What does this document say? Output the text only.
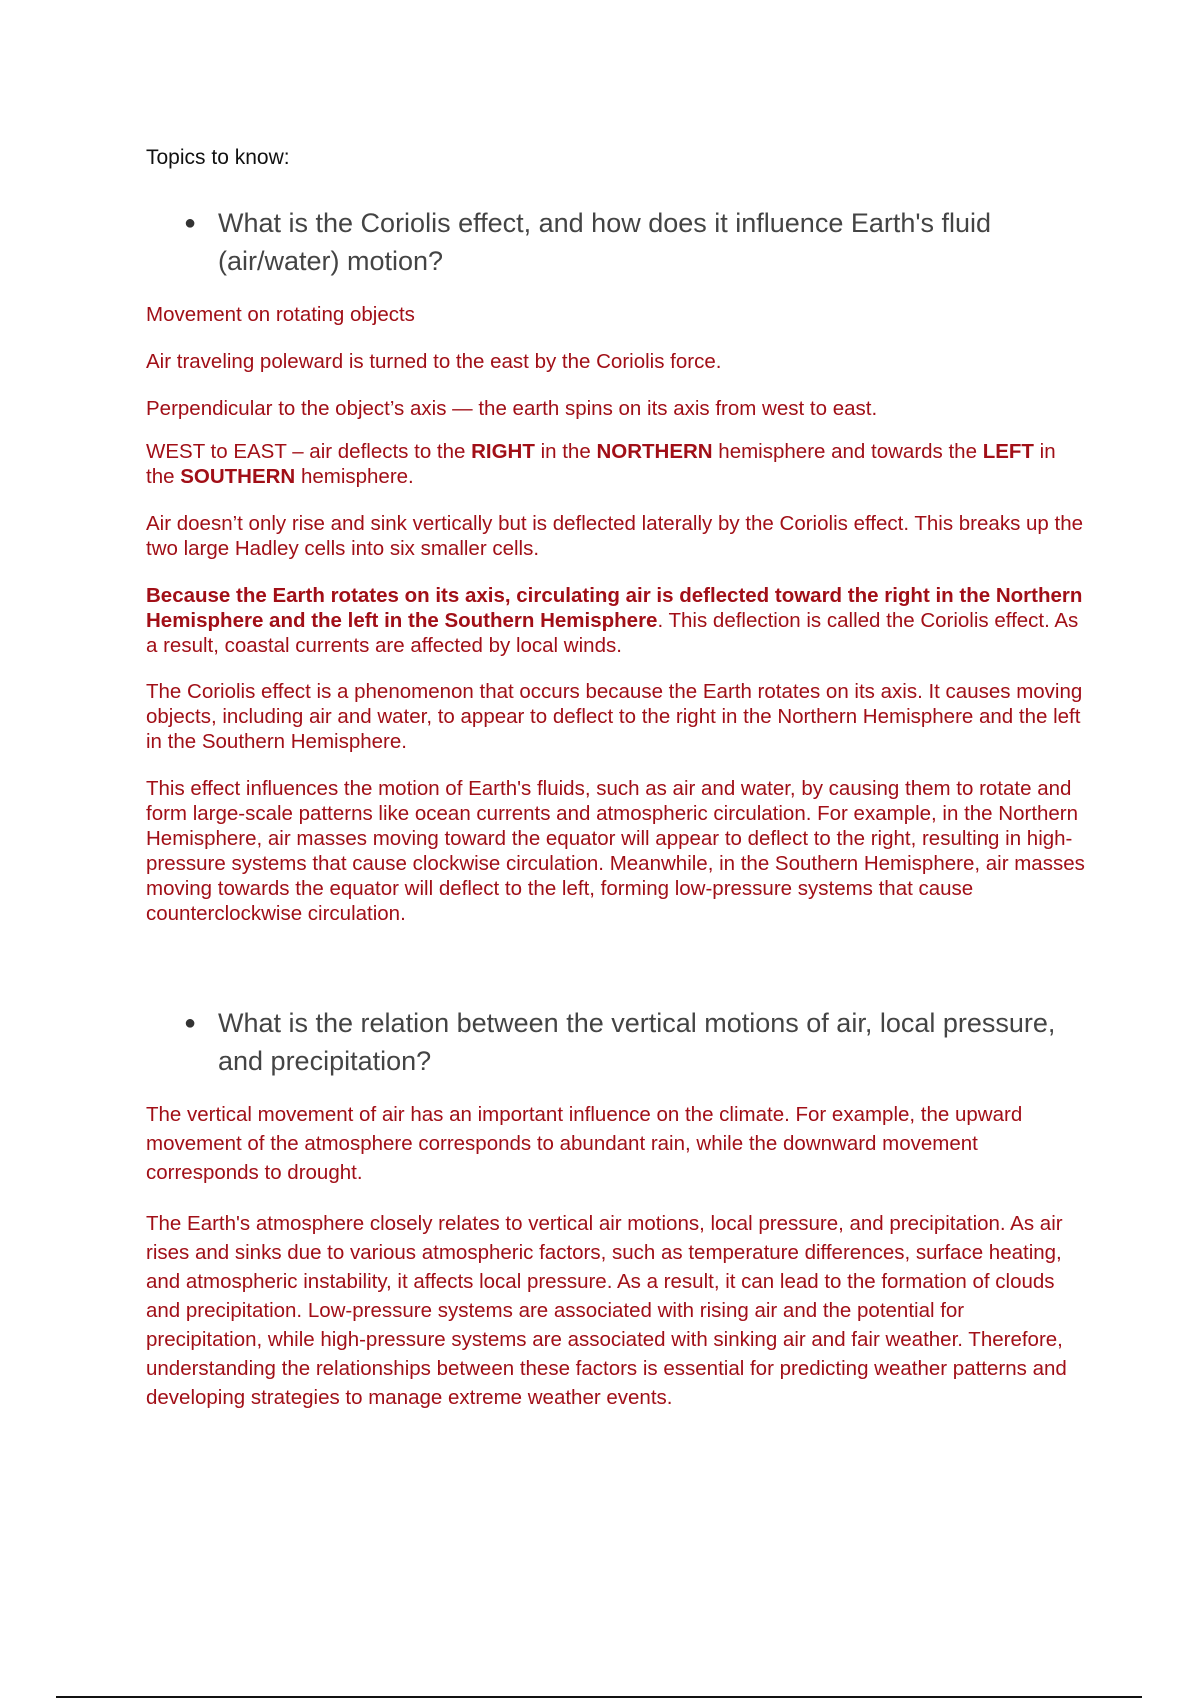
Topics to know:
● What is the Coriolis effect, and how does it influence Earth's fluid (air/water) motion?

Movement on rotating objects

Air traveling poleward is turned to the east by the Coriolis force.

Perpendicular to the object’s axis — the earth spins on its axis from west to east.

WEST to EAST – air deflects to the RIGHT in the NORTHERN hemisphere and towards the LEFT in the SOUTHERN hemisphere.

Air doesn’t only rise and sink vertically but is deflected laterally by the Coriolis effect. This breaks up the two large Hadley cells into six smaller cells.

Because the Earth rotates on its axis, circulating air is deflected toward the right in the Northern Hemisphere and the left in the Southern Hemisphere. This deflection is called the Coriolis effect. As a result, coastal currents are affected by local winds.

The Coriolis effect is a phenomenon that occurs because the Earth rotates on its axis. It causes moving objects, including air and water, to appear to deflect to the right in the Northern Hemisphere and the left in the Southern Hemisphere.

This effect influences the motion of Earth's fluids, such as air and water, by causing them to rotate and form large-scale patterns like ocean currents and atmospheric circulation. For example, in the Northern Hemisphere, air masses moving toward the equator will appear to deflect to the right, resulting in high-pressure systems that cause clockwise circulation. Meanwhile, in the Southern Hemisphere, air masses moving towards the equator will deflect to the left, forming low-pressure systems that cause counterclockwise circulation.

● What is the relation between the vertical motions of air, local pressure, and precipitation?

The vertical movement of air has an important influence on the climate. For example, the upward movement of the atmosphere corresponds to abundant rain, while the downward movement corresponds to drought.

The Earth's atmosphere closely relates to vertical air motions, local pressure, and precipitation. As air rises and sinks due to various atmospheric factors, such as temperature differences, surface heating, and atmospheric instability, it affects local pressure. As a result, it can lead to the formation of clouds and precipitation. Low-pressure systems are associated with rising air and the potential for precipitation, while high-pressure systems are associated with sinking air and fair weather. Therefore, understanding the relationships between these factors is essential for predicting weather patterns and developing strategies to manage extreme weather events.
